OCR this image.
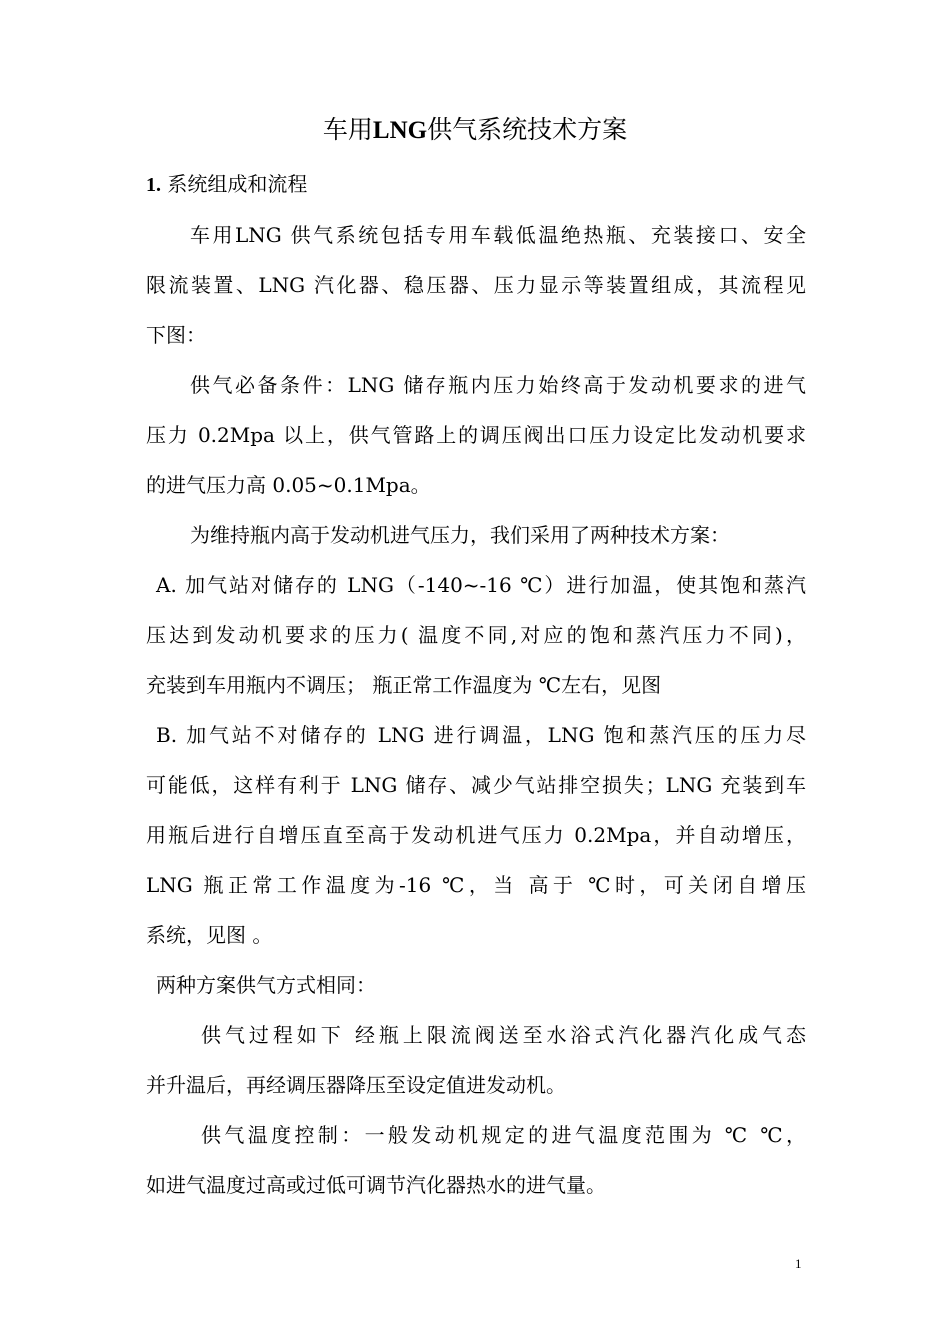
车用LNG供气系统技术方案
1. 系统组成和流程
车用LNG 供气系统包括专用车载低温绝热瓶、充装接口、安全
限流装置、LNG 汽化器、稳压器、压力显示等装置组成，其流程见
下图：
供气必备条件：LNG 储存瓶内压力始终高于发动机要求的进气
压力 0.2Mpa 以上，供气管路上的调压阀出口压力设定比发动机要求
的进气压力高 0.05~0.1Mpa。
为维持瓶内高于发动机进气压力，我们采用了两种技术方案：
A. 加气站对储存的 LNG（-140~-16 ℃）进行加温，使其饱和蒸汽
压达到发动机要求的压力( 温度不同,对应的饱和蒸汽压力不同)，
充装到车用瓶内不调压； 瓶正常工作温度为 ℃左右，见图
B. 加气站不对储存的 LNG 进行调温，LNG 饱和蒸汽压的压力尽
可能低，这样有利于 LNG 储存、减少气站排空损失；LNG 充装到车
用瓶后进行自增压直至高于发动机进气压力 0.2Mpa，并自动增压，
LNG 瓶正常工作温度为-16 ℃，当 高于 ℃时，可关闭自增压
系统，见图 。
两种方案供气方式相同：
供气过程如下 经瓶上限流阀送至水浴式汽化器汽化成气态
并升温后，再经调压器降压至设定值进发动机。
供气温度控制：一般发动机规定的进气温度范围为 ℃ ℃，
如进气温度过高或过低可调节汽化器热水的进气量。
1
